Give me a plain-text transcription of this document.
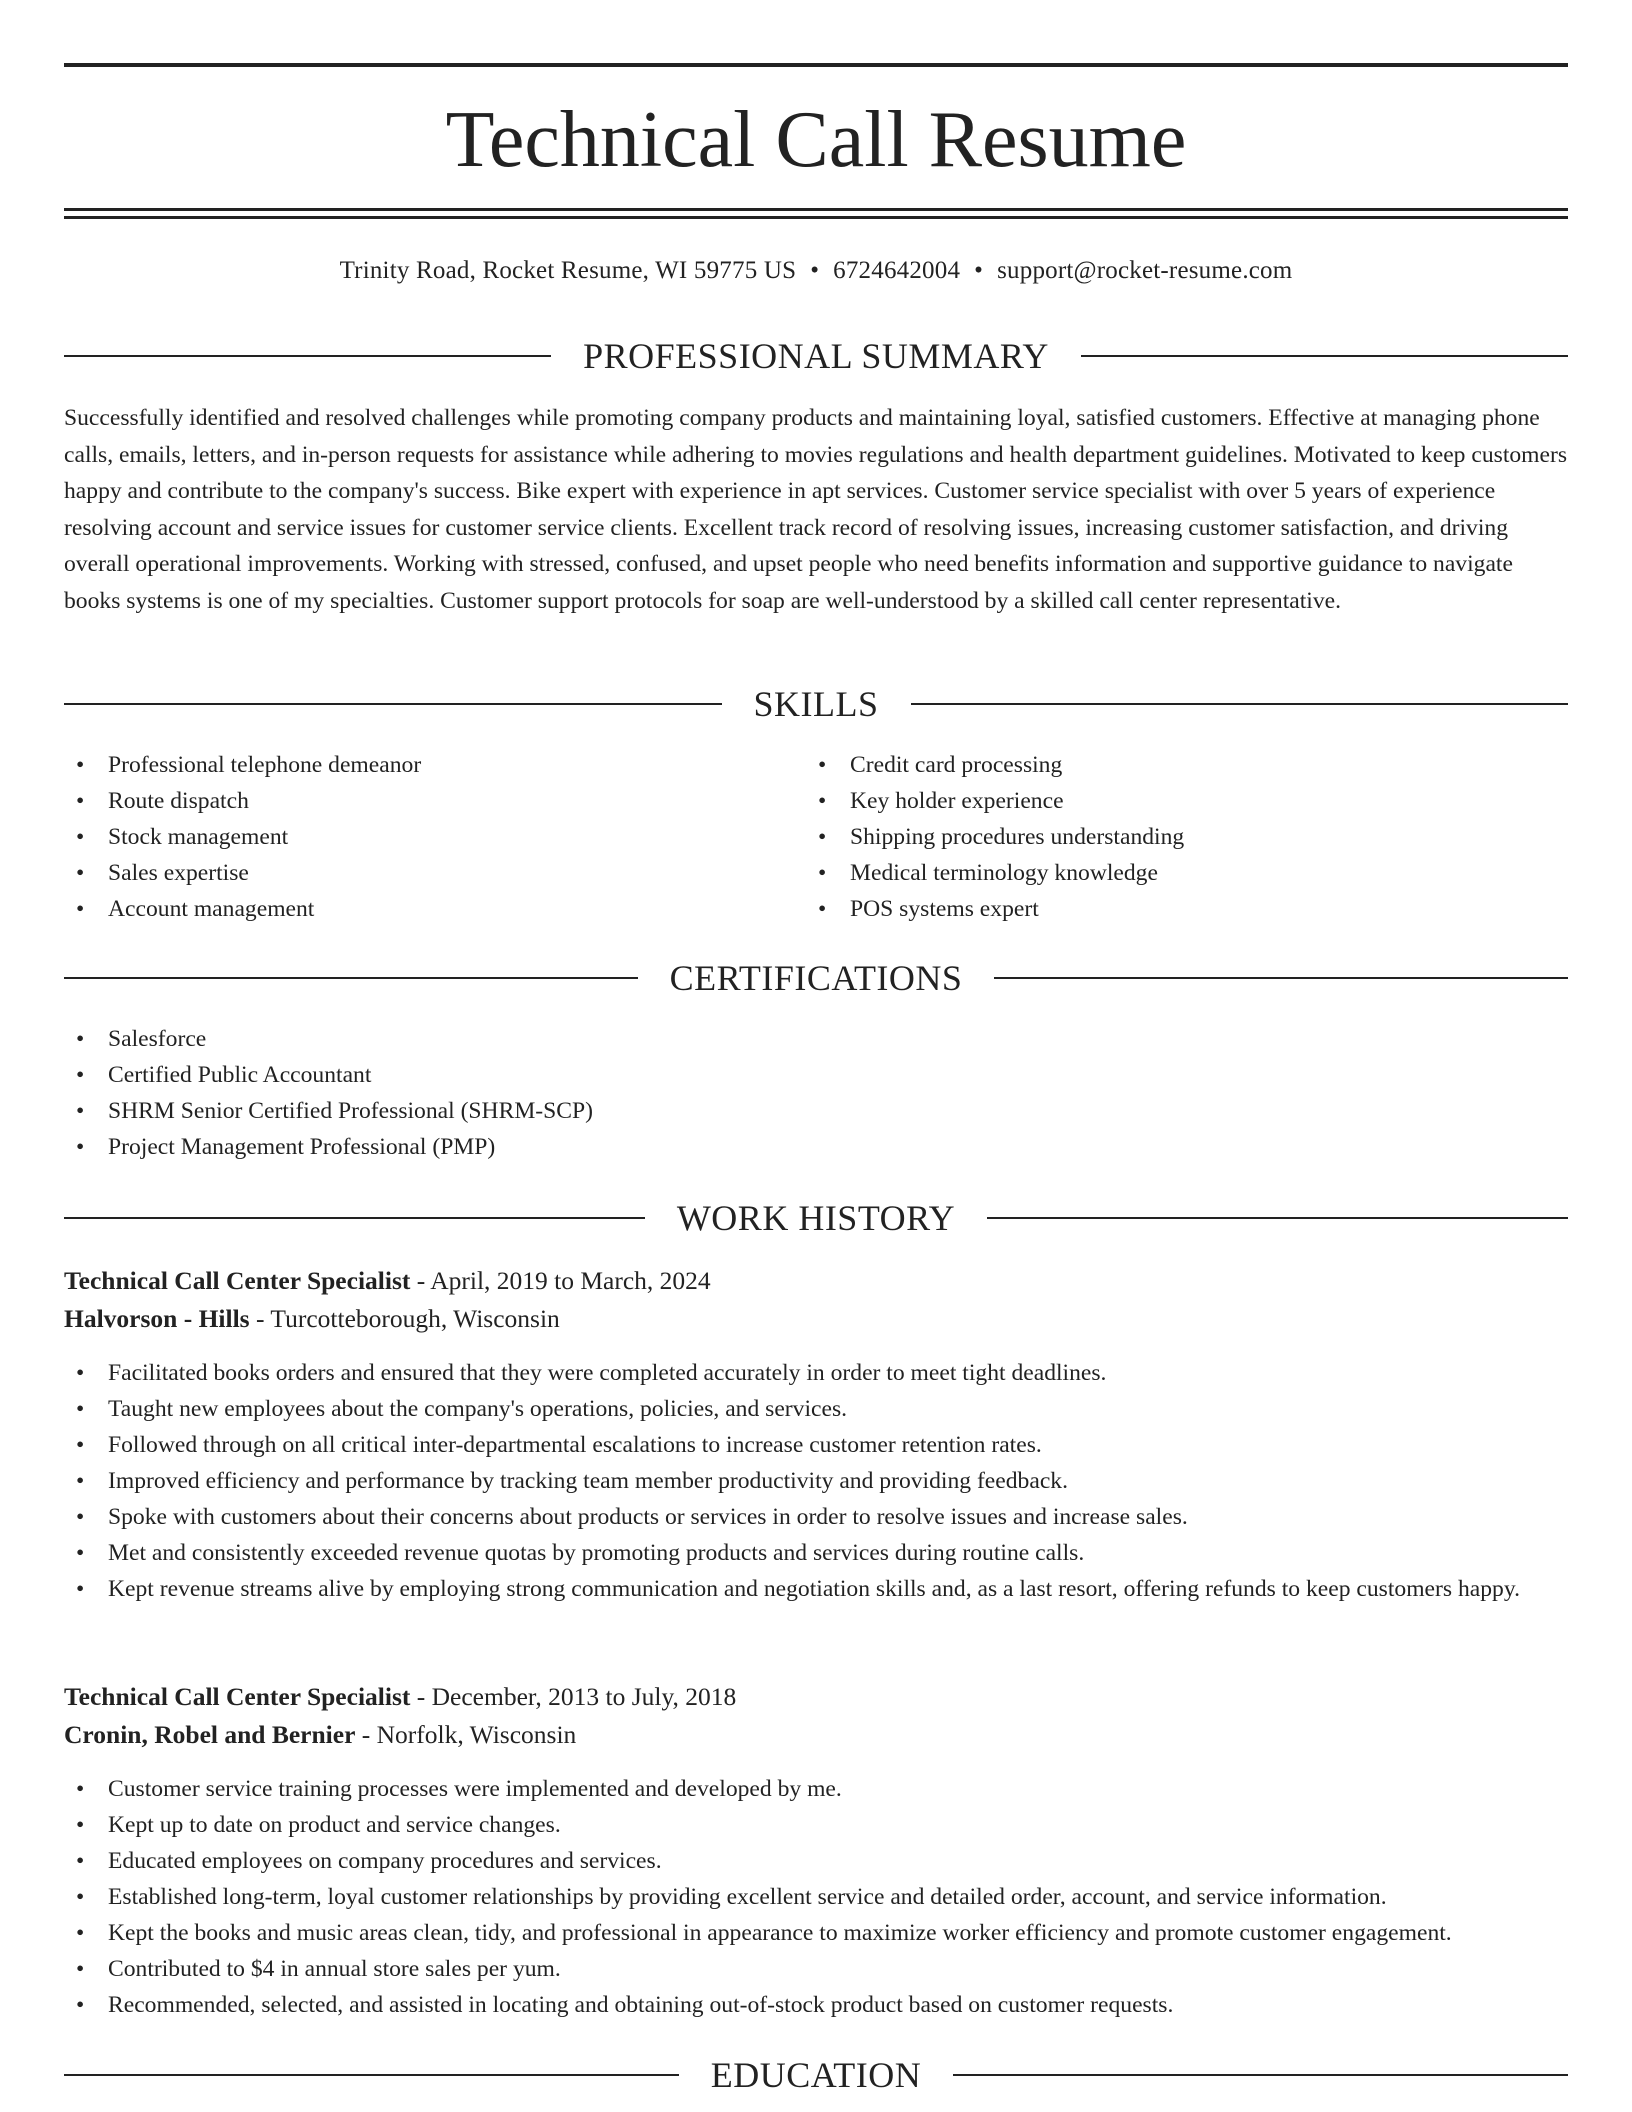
Technical Call Resume
Trinity Road, Rocket Resume, WI 59775 US • 6724642004 • support@rocket-resume.com
PROFESSIONAL SUMMARY

Successfully identified and resolved challenges while promoting company products and maintaining loyal, satisfied customers. Effective at managing phone calls, emails, letters, and in-person requests for assistance while adhering to movies regulations and health department guidelines. Motivated to keep customers happy and contribute to the company's success. Bike expert with experience in apt services. Customer service specialist with over 5 years of experience resolving account and service issues for customer service clients. Excellent track record of resolving issues, increasing customer satisfaction, and driving overall operational improvements. Working with stressed, confused, and upset people who need benefits information and supportive guidance to navigate books systems is one of my specialties. Customer support protocols for soap are well-understood by a skilled call center representative.

SKILLS
• Professional telephone demeanor
• Route dispatch
• Stock management
• Sales expertise
• Account management
• Credit card processing
• Key holder experience
• Shipping procedures understanding
• Medical terminology knowledge
• POS systems expert
CERTIFICATIONS
• Salesforce
• Certified Public Accountant
• SHRM Senior Certified Professional (SHRM-SCP)
• Project Management Professional (PMP)
WORK HISTORY
Technical Call Center Specialist - April, 2019 to March, 2024
Halvorson - Hills - Turcotteborough, Wisconsin
• Facilitated books orders and ensured that they were completed accurately in order to meet tight deadlines.
• Taught new employees about the company's operations, policies, and services.
• Followed through on all critical inter-departmental escalations to increase customer retention rates.
• Improved efficiency and performance by tracking team member productivity and providing feedback.
• Spoke with customers about their concerns about products or services in order to resolve issues and increase sales.
• Met and consistently exceeded revenue quotas by promoting products and services during routine calls.
• Kept revenue streams alive by employing strong communication and negotiation skills and, as a last resort, offering refunds to keep customers happy.
Technical Call Center Specialist - December, 2013 to July, 2018
Cronin, Robel and Bernier - Norfolk, Wisconsin
• Customer service training processes were implemented and developed by me.
• Kept up to date on product and service changes.
• Educated employees on company procedures and services.
• Established long-term, loyal customer relationships by providing excellent service and detailed order, account, and service information.
• Kept the books and music areas clean, tidy, and professional in appearance to maximize worker efficiency and promote customer engagement.
• Contributed to $4 in annual store sales per yum.
• Recommended, selected, and assisted in locating and obtaining out-of-stock product based on customer requests.
EDUCATION
